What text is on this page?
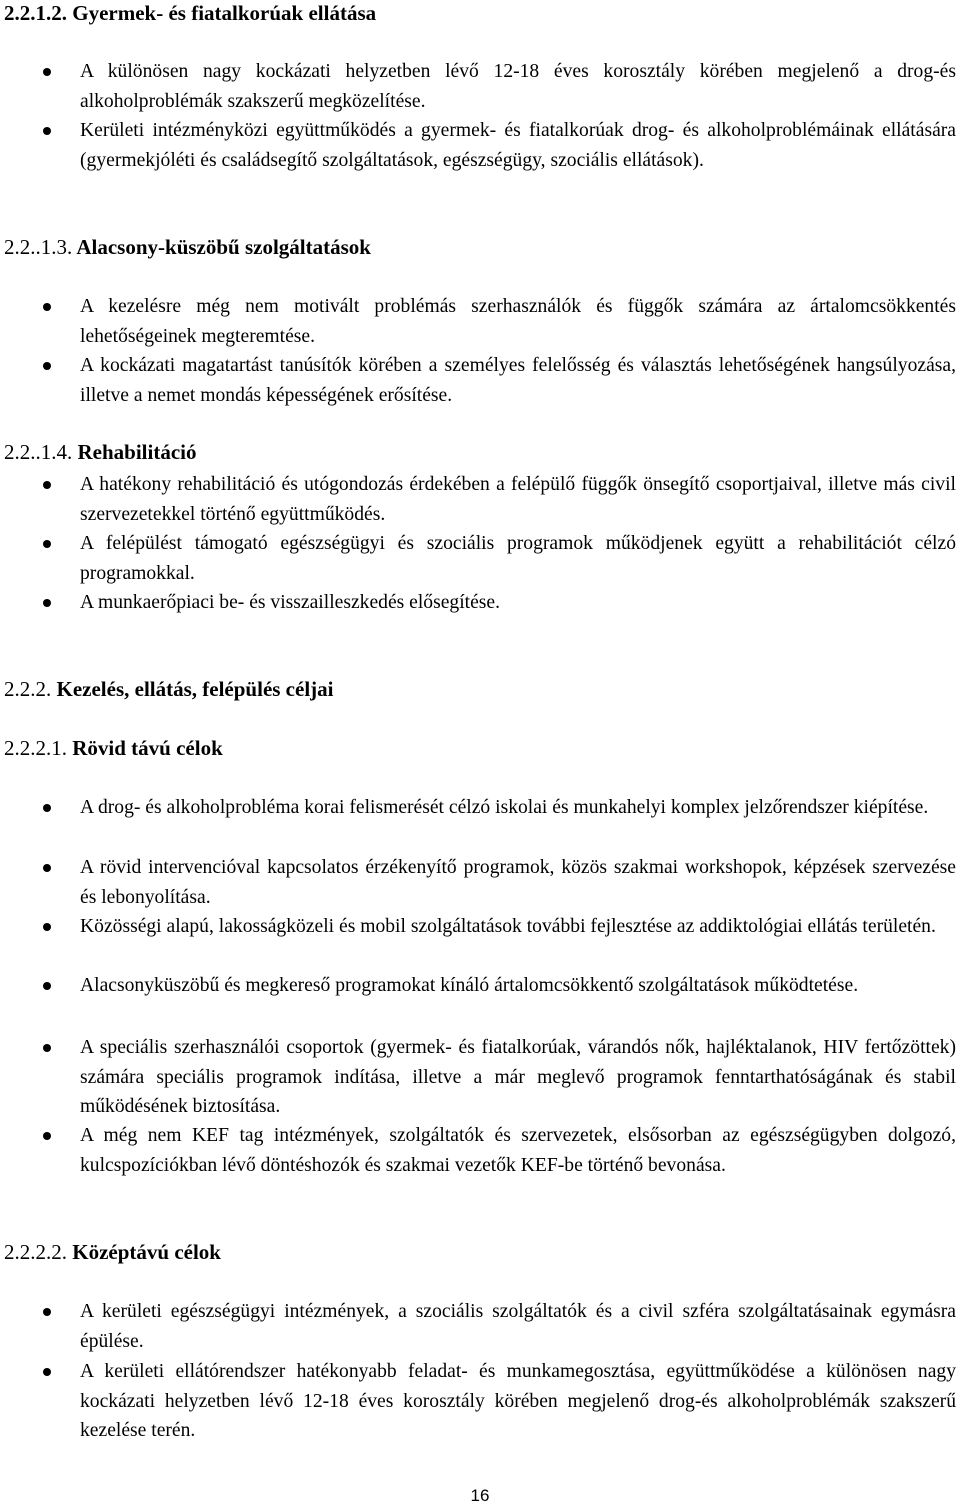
2.2.1.2. Gyermek- és fiatalkorúak ellátása

A különösen nagy kockázati helyzetben lévő 12-18 éves korosztály körében megjelenő a drog-és alkoholproblémák szakszerű megközelítése.

Kerületi intézményközi együttműködés a gyermek- és fiatalkorúak drog- és alkoholproblémáinak ellátására (gyermekjóléti és családsegítő szolgáltatások, egészségügy, szociális ellátások).

2.2..1.3. Alacsony-küszöbű szolgáltatások

A kezelésre még nem motivált problémás szerhasználók és függők számára az ártalomcsökkentés lehetőségeinek megteremtése.

A kockázati magatartást tanúsítók körében a személyes felelősség és választás lehetőségének hangsúlyozása, illetve a nemet mondás képességének erősítése.

2.2..1.4. Rehabilitáció

A hatékony rehabilitáció és utógondozás érdekében a felépülő függők önsegítő csoportjaival, illetve más civil szervezetekkel történő együttműködés.

A felépülést támogató egészségügyi és szociális programok működjenek együtt a rehabilitációt célzó programokkal.

A munkaerőpiaci be- és visszailleszkedés elősegítése.

2.2.2. Kezelés, ellátás, felépülés céljai
2.2.2.1. Rövid távú célok

A drog- és alkoholprobléma korai felismerését célzó iskolai és munkahelyi komplex jelzőrendszer kiépítése.

A rövid intervencióval kapcsolatos érzékenyítő programok, közös szakmai workshopok, képzések szervezése és lebonyolítása.

Közösségi alapú, lakosságközeli és mobil szolgáltatások további fejlesztése az addiktológiai ellátás területén.

Alacsonyküszöbű és megkereső programokat kínáló ártalomcsökkentő szolgáltatások működtetése.

A speciális szerhasználói csoportok (gyermek- és fiatalkorúak, várandós nők, hajléktalanok, HIV fertőzöttek) számára speciális programok indítása, illetve a már meglevő programok fenntarthatóságának és stabil működésének biztosítása.

A még nem KEF tag intézmények, szolgáltatók és szervezetek, elsősorban az egészségügyben dolgozó, kulcspozíciókban lévő döntéshozók és szakmai vezetők KEF-be történő bevonása.

2.2.2.2. Középtávú célok

A kerületi egészségügyi intézmények, a szociális szolgáltatók és a civil szféra szolgáltatásainak egymásra épülése.

A kerületi ellátórendszer hatékonyabb feladat- és munkamegosztása, együttműködése a különösen nagy kockázati helyzetben lévő 12-18 éves korosztály körében megjelenő drog-és alkoholproblémák szakszerű kezelése terén.

16
